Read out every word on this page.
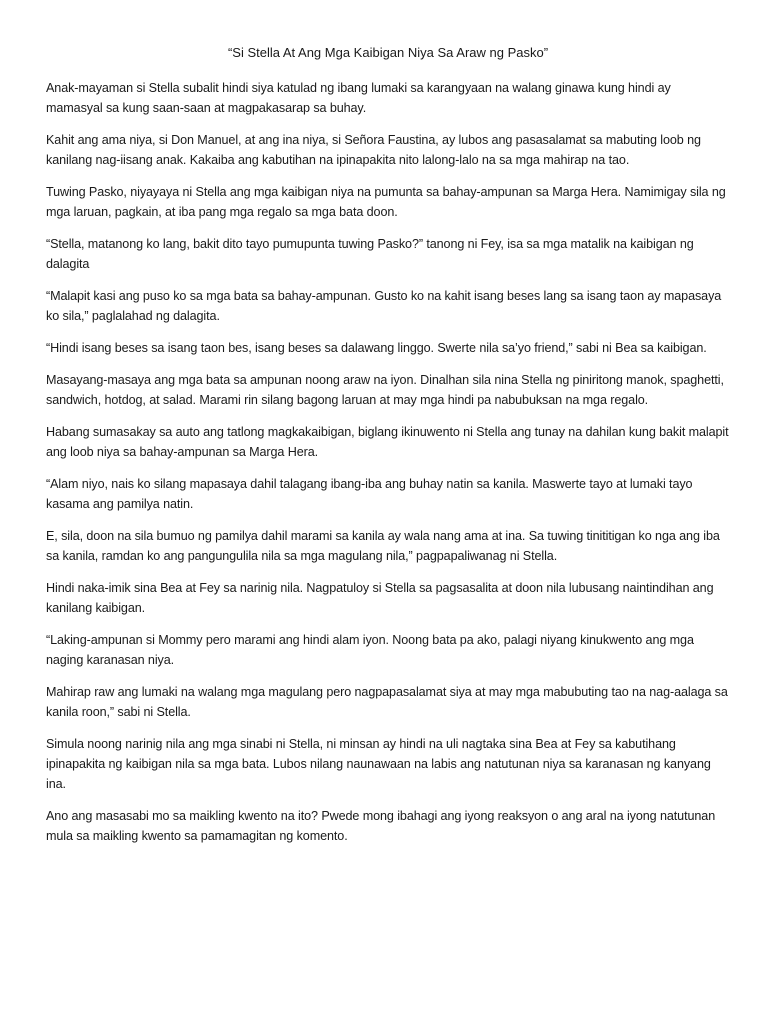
“Si Stella At Ang Mga Kaibigan Niya Sa Araw ng Pasko”

Anak-mayaman si Stella subalit hindi siya katulad ng ibang lumaki sa karangyaan na walang ginawa kung hindi ay mamasyal sa kung saan-saan at magpakasarap sa buhay.

Kahit ang ama niya, si Don Manuel, at ang ina niya, si Señora Faustina, ay lubos ang pasasalamat sa mabuting loob ng kanilang nag-iisang anak. Kakaiba ang kabutihan na ipinapakita nito lalong-lalo na sa mga mahirap na tao.

Tuwing Pasko, niyayaya ni Stella ang mga kaibigan niya na pumunta sa bahay-ampunan sa Marga Hera. Namimigay sila ng mga laruan, pagkain, at iba pang mga regalo sa mga bata doon.

“Stella, matanong ko lang, bakit dito tayo pumupunta tuwing Pasko?” tanong ni Fey, isa sa mga matalik na kaibigan ng dalagita

“Malapit kasi ang puso ko sa mga bata sa bahay-ampunan. Gusto ko na kahit isang beses lang sa isang taon ay mapasaya ko sila,” paglalahad ng dalagita.

“Hindi isang beses sa isang taon bes, isang beses sa dalawang linggo. Swerte nila sa’yo friend,” sabi ni Bea sa kaibigan.

Masayang-masaya ang mga bata sa ampunan noong araw na iyon. Dinalhan sila nina Stella ng piniritong manok, spaghetti, sandwich, hotdog, at salad. Marami rin silang bagong laruan at may mga hindi pa nabubuksan na mga regalo.

Habang sumasakay sa auto ang tatlong magkakaibigan, biglang ikinuwento ni Stella ang tunay na dahilan kung bakit malapit ang loob niya sa bahay-ampunan sa Marga Hera.

“Alam niyo, nais ko silang mapasaya dahil talagang ibang-iba ang buhay natin sa kanila. Maswerte tayo at lumaki tayo kasama ang pamilya natin.

E, sila, doon na sila bumuo ng pamilya dahil marami sa kanila ay wala nang ama at ina. Sa tuwing tinititigan ko nga ang iba sa kanila, ramdan ko ang pangungulila nila sa mga magulang nila,” pagpapaliwanag ni Stella.

Hindi naka-imik sina Bea at Fey sa narinig nila. Nagpatuloy si Stella sa pagsasalita at doon nila lubusang naintindihan ang kanilang kaibigan.

“Laking-ampunan si Mommy pero marami ang hindi alam iyon. Noong bata pa ako, palagi niyang kinukwento ang mga naging karanasan niya.

Mahirap raw ang lumaki na walang mga magulang pero nagpapasalamat siya at may mga mabubuting tao na nag-aalaga sa kanila roon,” sabi ni Stella.

Simula noong narinig nila ang mga sinabi ni Stella, ni minsan ay hindi na uli nagtaka sina Bea at Fey sa kabutihang ipinapakita ng kaibigan nila sa mga bata. Lubos nilang naunawaan na labis ang natutunan niya sa karanasan ng kanyang ina.

Ano ang masasabi mo sa maikling kwento na ito? Pwede mong ibahagi ang iyong reaksyon o ang aral na iyong natutunan mula sa maikling kwento sa pamamagitan ng komento.
